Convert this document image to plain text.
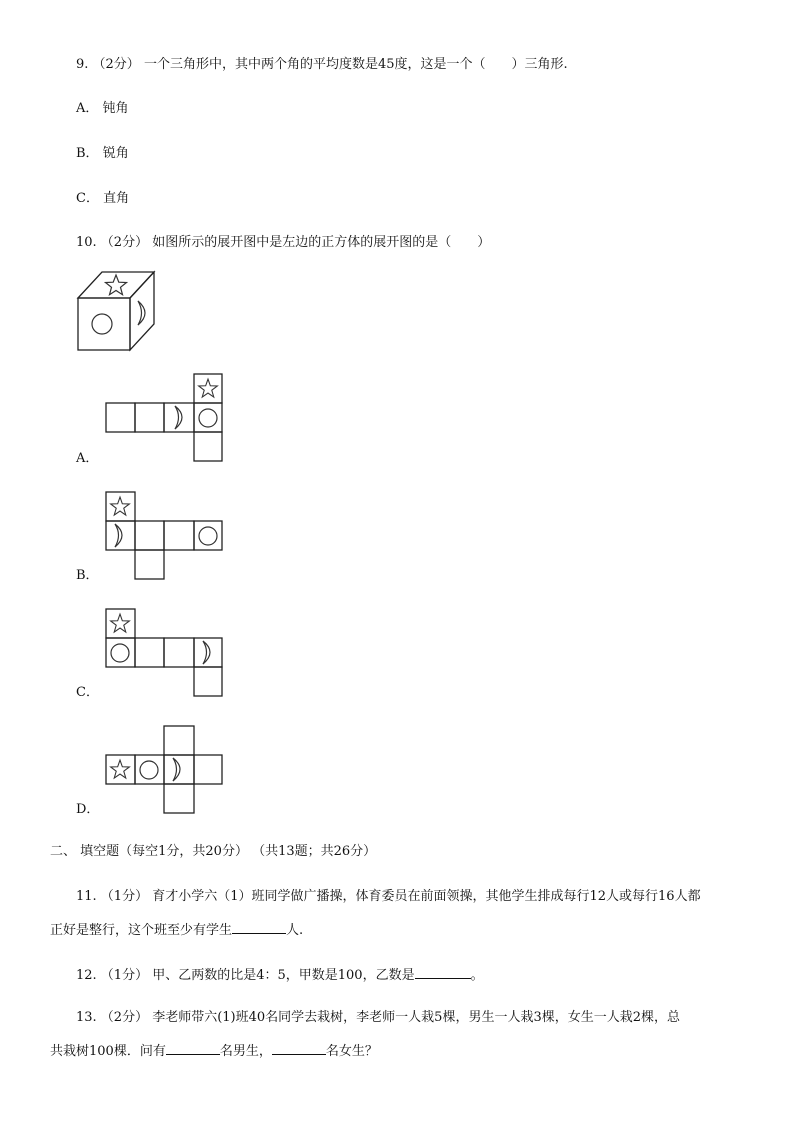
9. （2分） 一个三角形中，其中两个角的平均度数是45度，这是一个（　　）三角形.
A． 钝角
B． 锐角
C． 直角
10. （2分） 如图所示的展开图中是左边的正方体的展开图的是（　　）
A．
B．
C．
D．
二、 填空题（每空1分，共20分） （共13题；共26分）
11. （1分） 育才小学六（1）班同学做广播操，体育委员在前面领操，其他学生排成每行12人或每行16人都
正好是整行，这个班至少有学生	人.
12. （1分） 甲、乙两数的比是4：5，甲数是100，乙数是	。
13. （2分） 李老师带六(1)班40名同学去栽树，李老师一人栽5棵，男生一人栽3棵，女生一人栽2棵，总
共栽树100棵．问有	名男生，	名女生？
